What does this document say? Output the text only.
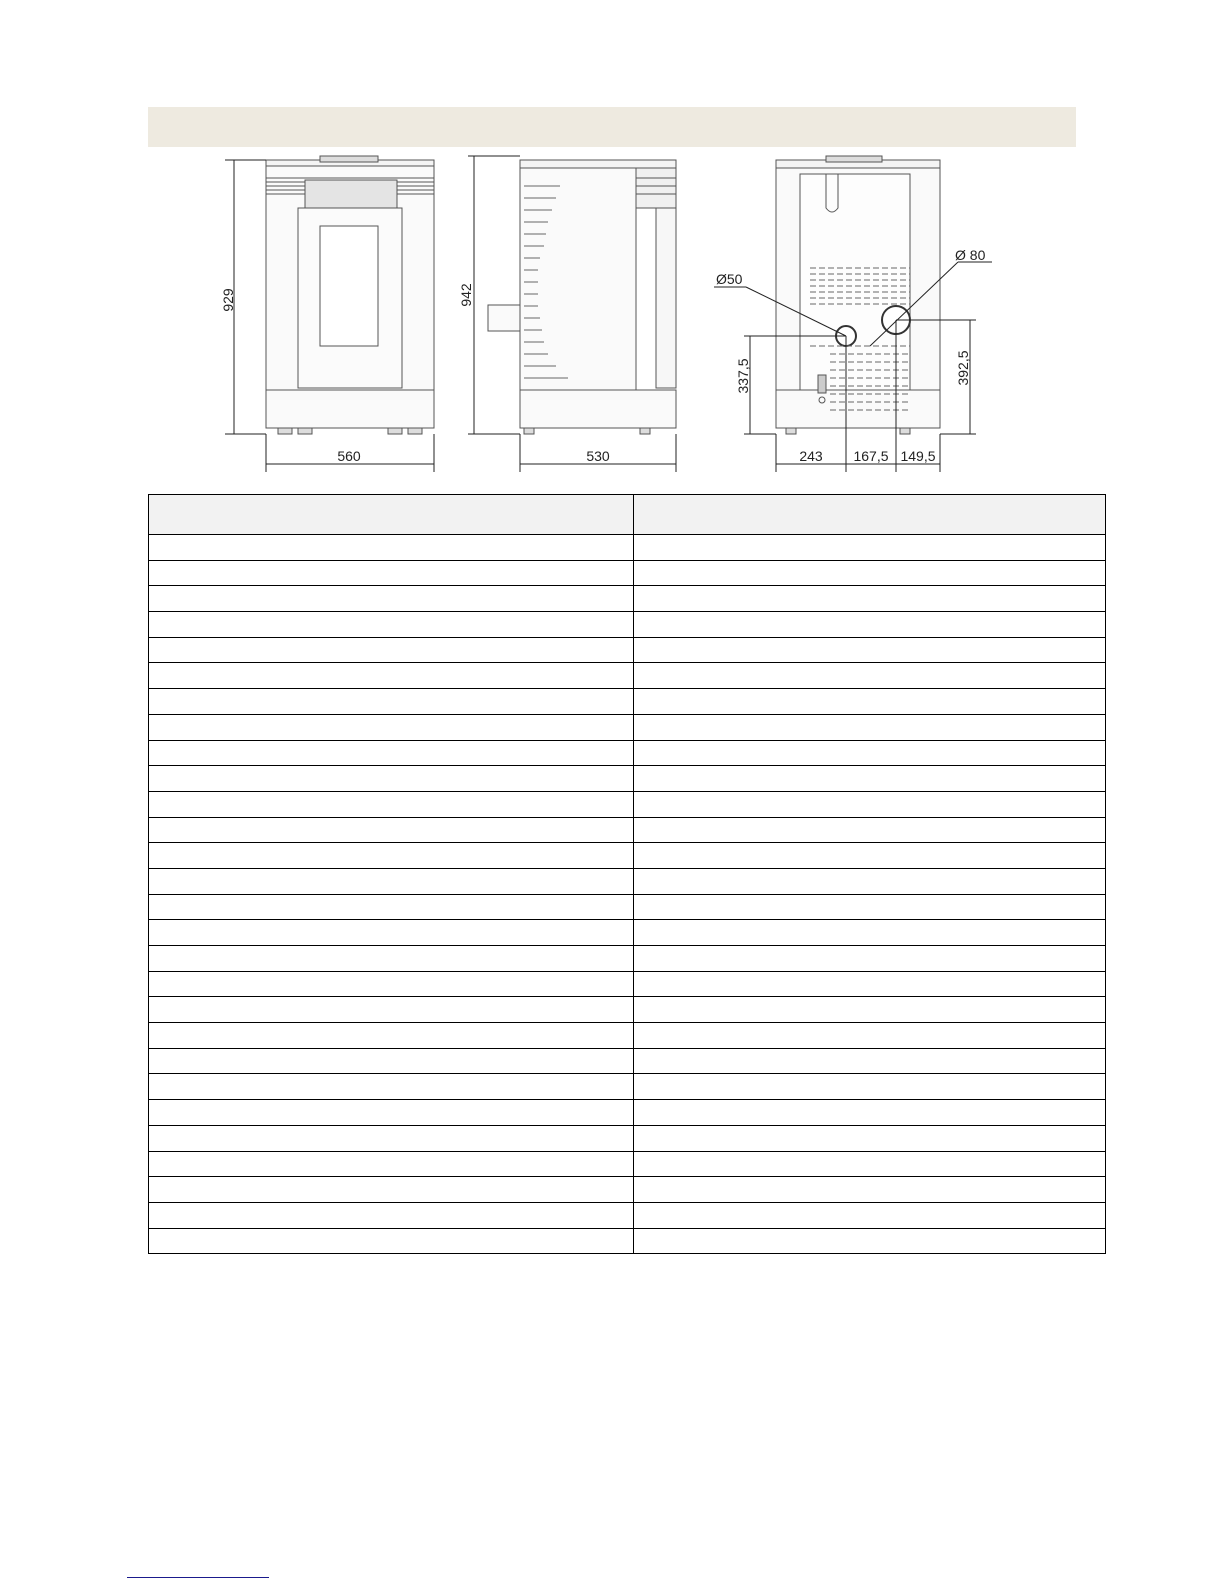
929
560
942
530
Ø50
Ø 80
337,5	392,5
243 167,5 149,5
